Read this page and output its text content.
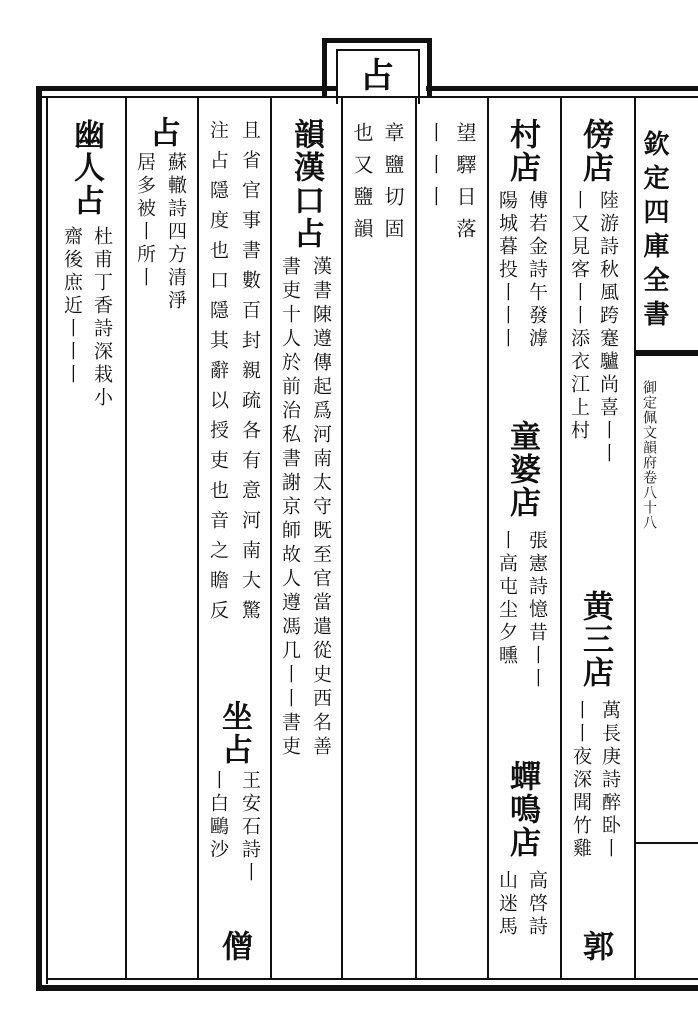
占
欽定四庫全書
御定佩文韻府卷八十八
傍店
陸游詩秋風跨蹇驢尚喜丨丨
丨又見客丨丨添衣江上村
黄三店
萬長庚詩醉卧丨
丨丨夜深聞竹雞
郭
村店
傅若金詩午發滹
陽城暮投丨丨丨
童婆店
張憲詩憶昔丨丨
丨高屯尘夕曛
蟬鳴店
高啓詩
山迷馬
望驛日落
丨丨丨
章鹽切固
也又鹽韻
韻漢口占
漢書陳遵傳起爲河南太守既至官當遣從史西名善
書吏十人於前治私書謝京師故人遵馮几丨丨書吏
且省官事書數百封親疏各有意河南大驚
注占隱度也口隱其辭以授吏也音之瞻反
坐占
王安石詩丨
丨白鷗沙
僧
占
蘇轍詩四方清淨
居多被丨所丨
幽人占
杜甫丁香詩深栽小
齋後庶近丨丨丨
